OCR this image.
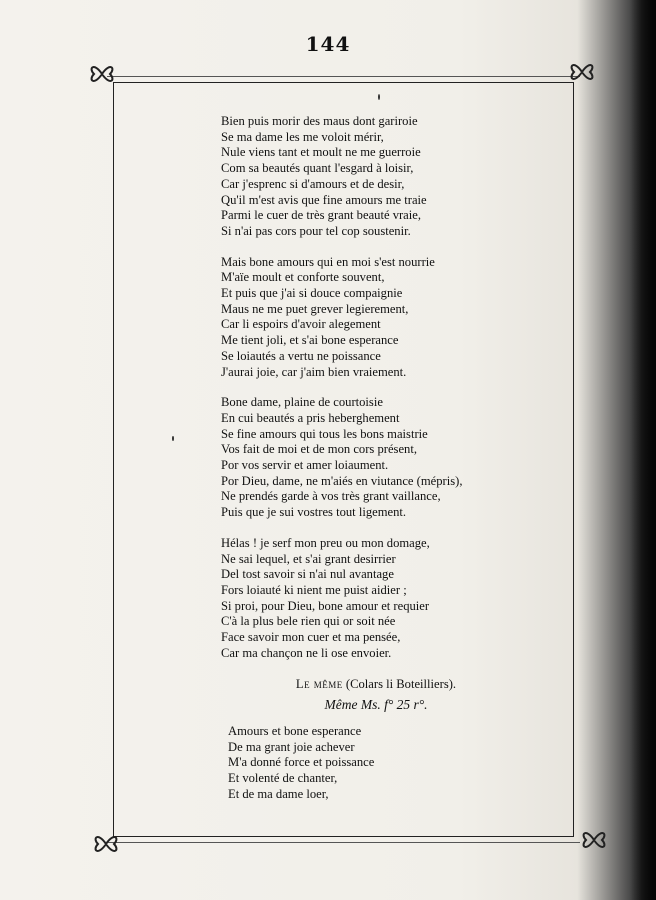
144
Bien puis morir des maus dont gariroie
Se ma dame les me voloit mérir,
Nule viens tant et moult ne me guerroie
Com sa beautés quant l'esgard à loisir,
Car j'esprenc si d'amours et de desir,
Qu'il m'est avis que fine amours me traie
Parmi le cuer de très grant beauté vraie,
Si n'ai pas cors pour tel cop soustenir.
Mais bone amours qui en moi s'est nourrie
M'aïe moult et conforte souvent,
Et puis que j'ai si douce compaignie
Maus ne me puet grever legierement,
Car li espoirs d'avoir alegement
Me tient joli, et s'ai bone esperance
Se loiautés a vertu ne poissance
J'aurai joie, car j'aim bien vraiement.
Bone dame, plaine de courtoisie
En cui beautés a pris heberghement
Se fine amours qui tous les bons maistrie
Vos fait de moi et de mon cors présent,
Por vos servir et amer loiaument.
Por Dieu, dame, ne m'aiés en viutance (mépris),
Ne prendés garde à vos très grant vaillance,
Puis que je sui vostres tout ligement.
Hélas ! je serf mon preu ou mon domage,
Ne sai lequel, et s'ai grant desirrier
Del tost savoir si n'ai nul avantage
Fors loiauté ki nient me puist aidier ;
Si proi, pour Dieu, bone amour et requier
C'à la plus bele rien qui or soit née
Face savoir mon cuer et ma pensée,
Car ma chançon ne li ose envoier.
Le même (Colars li Boteilliers).
Même Ms. f° 25 r°.
Amours et bone esperance
De ma grant joie achever
M'a donné force et poissance
Et volenté de chanter,
Et de ma dame loer,
